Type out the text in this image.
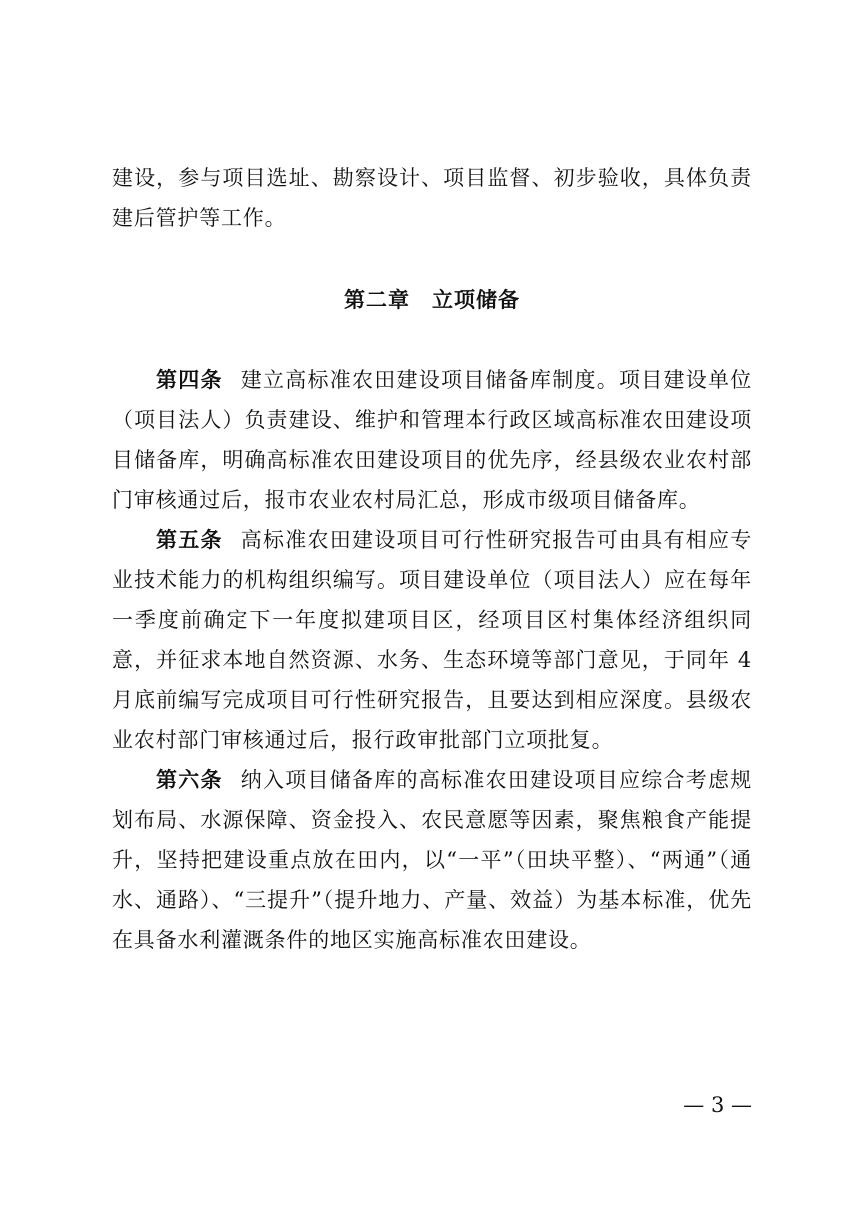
建设，参与项目选址、勘察设计、项目监督、初步验收，具体负责建后管护等工作。
第二章　立项储备

第四条 建立高标准农田建设项目储备库制度。项目建设单位（项目法人）负责建设、维护和管理本行政区域高标准农田建设项目储备库，明确高标准农田建设项目的优先序，经县级农业农村部门审核通过后，报市农业农村局汇总，形成市级项目储备库。

第五条 高标准农田建设项目可行性研究报告可由具有相应专业技术能力的机构组织编写。项目建设单位（项目法人）应在每年一季度前确定下一年度拟建项目区，经项目区村集体经济组织同意，并征求本地自然资源、水务、生态环境等部门意见，于同年 4 月底前编写完成项目可行性研究报告，且要达到相应深度。县级农业农村部门审核通过后，报行政审批部门立项批复。

第六条 纳入项目储备库的高标准农田建设项目应综合考虑规划布局、水源保障、资金投入、农民意愿等因素，聚焦粮食产能提升，坚持把建设重点放在田内，以“一平”（田块平整）、“两通”（通水、通路）、“三提升”（提升地力、产量、效益）为基本标准，优先在具备水利灌溉条件的地区实施高标准农田建设。

— 3 —
